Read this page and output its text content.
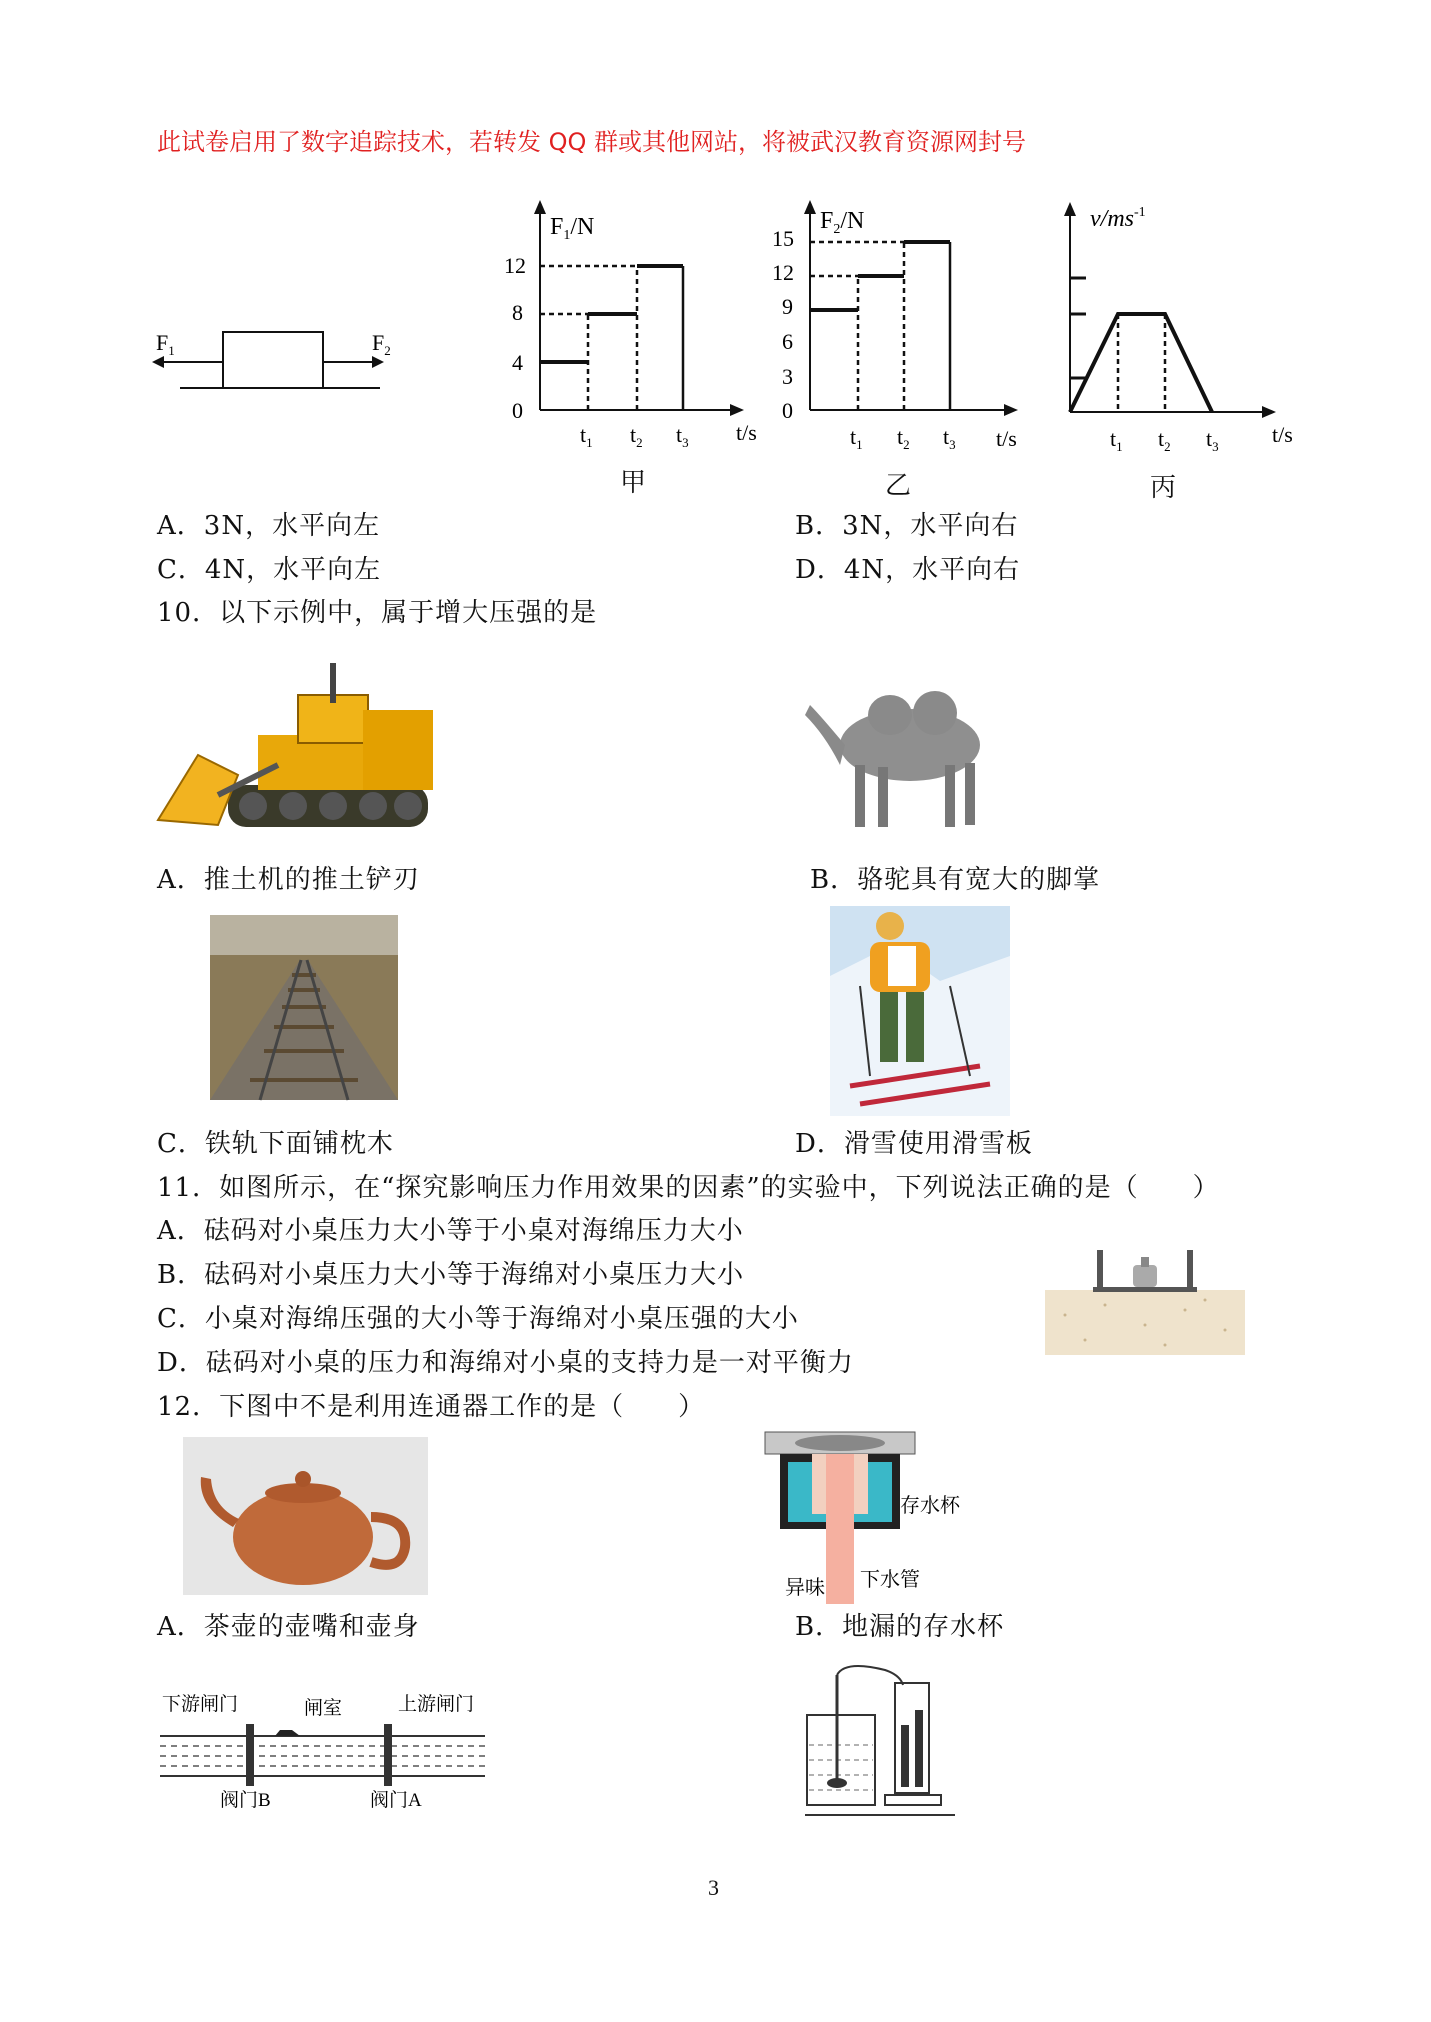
此试卷启用了数字追踪技术，若转发 QQ 群或其他网站，将被武汉教育资源网封号
$F_1$	$F_2$
$F_1/N$
0
4
8
12
$t_1$ $t_2$ $t_3$ t/s
甲
$F_2/N$
0
3
6
9
12
15
$t_1$ $t_2$ $t_3$ t/s
乙
$v/ms^{-1}$
$t_1$ $t_2$ $t_3$ t/s
丙
A．3N，水平向左	B．3N，水平向右
C．4N，水平向左	D．4N，水平向右
10．以下示例中，属于增大压强的是
A．推土机的推土铲刃	B．骆驼具有宽大的脚掌
C．铁轨下面铺枕木	D．滑雪使用滑雪板
11．如图所示，在“探究影响压力作用效果的因素”的实验中，下列说法正确的是（　　）
A．砝码对小桌压力大小等于小桌对海绵压力大小
B．砝码对小桌压力大小等于海绵对小桌压力大小
C．小桌对海绵压强的大小等于海绵对小桌压强的大小
D．砝码对小桌的压力和海绵对小桌的支持力是一对平衡力
12．下图中不是利用连通器工作的是（　　）
存水杯
异味 下水管
A．茶壶的壶嘴和壶身	B．地漏的存水杯
下游闸门	闸室	上游闸门
阀门B	阀门A
3
